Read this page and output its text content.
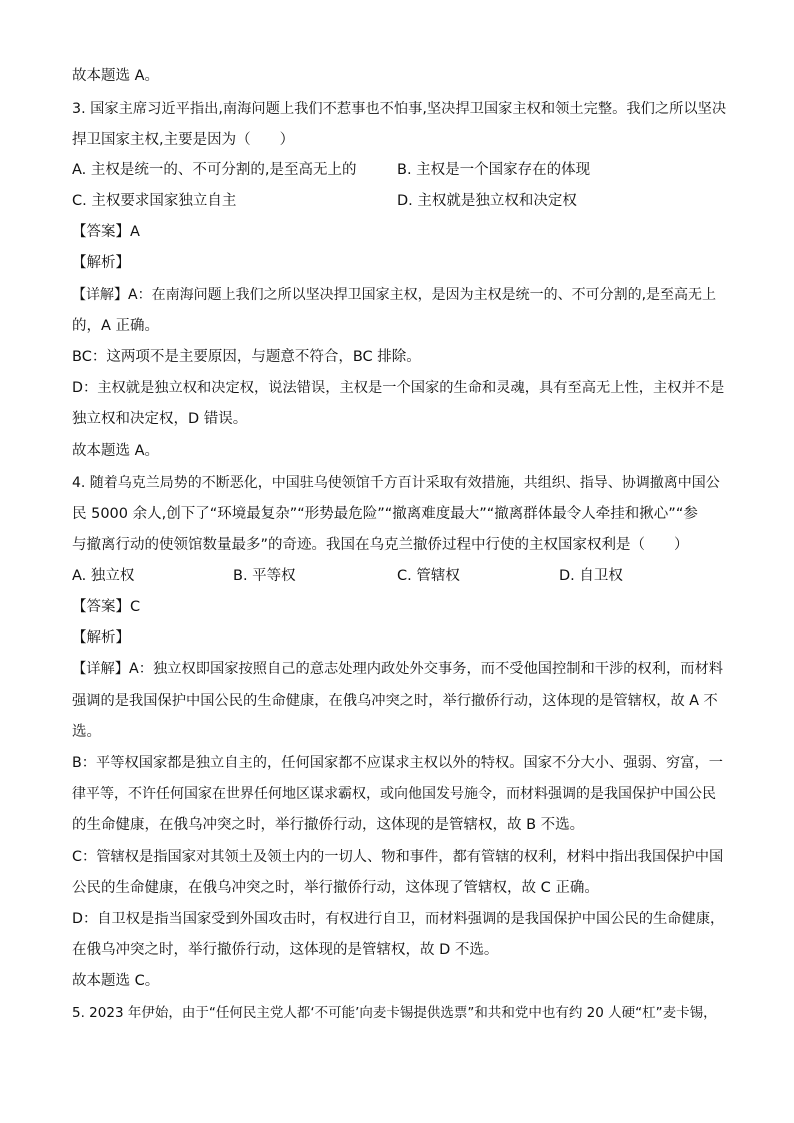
故本题选 A。
3. 国家主席习近平指出,南海问题上我们不惹事也不怕事,坚决捍卫国家主权和领土完整。我们之所以坚决
捍卫国家主权,主要是因为（　　）
A. 主权是统一的、不可分割的,是至高无上的	B. 主权是一个国家存在的体现
C. 主权要求国家独立自主	D. 主权就是独立权和决定权
【答案】A
【解析】
【详解】A：在南海问题上我们之所以坚决捍卫国家主权，是因为主权是统一的、不可分割的,是至高无上
的，A 正确。
BC：这两项不是主要原因，与题意不符合，BC 排除。
D：主权就是独立权和决定权，说法错误，主权是一个国家的生命和灵魂，具有至高无上性，主权并不是
独立权和决定权，D 错误。
故本题选 A。
4. 随着乌克兰局势的不断恶化，中国驻乌使领馆千方百计采取有效措施，共组织、指导、协调撤离中国公
民 5000 余人,创下了“环境最复杂”“形势最危险”“撤离难度最大”“撤离群体最令人牵挂和揪心”“参
与撤离行动的使领馆数量最多”的奇迹。我国在乌克兰撤侨过程中行使的主权国家权利是（　　）
A. 独立权	B. 平等权	C. 管辖权	D. 自卫权
【答案】C
【解析】
【详解】A：独立权即国家按照自己的意志处理内政处外交事务，而不受他国控制和干涉的权利，而材料
强调的是我国保护中国公民的生命健康，在俄乌冲突之时，举行撤侨行动，这体现的是管辖权，故 A 不
选。
B：平等权国家都是独立自主的，任何国家都不应谋求主权以外的特权。国家不分大小、强弱、穷富，一
律平等，不许任何国家在世界任何地区谋求霸权，或向他国发号施令，而材料强调的是我国保护中国公民
的生命健康，在俄乌冲突之时，举行撤侨行动，这体现的是管辖权，故 B 不选。
C：管辖权是指国家对其领土及领土内的一切人、物和事件，都有管辖的权利，材料中指出我国保护中国
公民的生命健康，在俄乌冲突之时，举行撤侨行动，这体现了管辖权，故 C 正确。
D：自卫权是指当国家受到外国攻击时，有权进行自卫，而材料强调的是我国保护中国公民的生命健康，
在俄乌冲突之时，举行撤侨行动，这体现的是管辖权，故 D 不选。
故本题选 C。
5. 2023 年伊始，由于“任何民主党人都‘不可能’向麦卡锡提供选票”和共和党中也有约 20 人硬“杠”麦卡锡，
